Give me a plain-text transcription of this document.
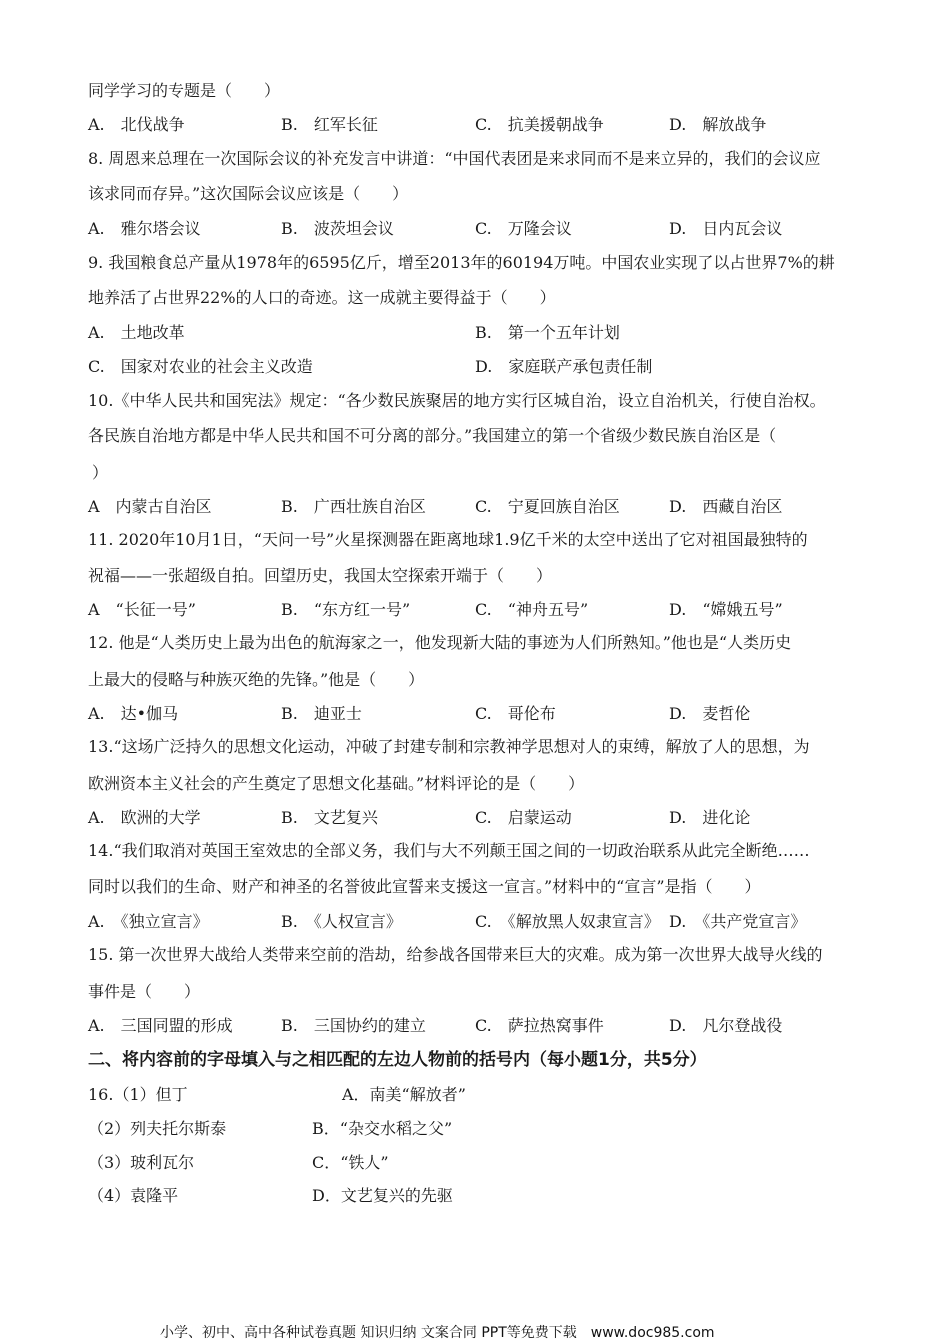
同学学习的专题是（　　）
A.　北伐战争	B.　红军长征	C.　抗美援朝战争	D.　解放战争
8. 周恩来总理在一次国际会议的补充发言中讲道：“中国代表团是来求同而不是来立异的，我们的会议应
该求同而存异。”这次国际会议应该是（　　）
A.　雅尔塔会议	B.　波茨坦会议	C.　万隆会议	D.　日内瓦会议
9. 我国粮食总产量从1978年的6595亿斤，增至2013年的60194万吨。中国农业实现了以占世界7%的耕
地养活了占世界22%的人口的奇迹。这一成就主要得益于（　　）
A.　土地改革	B.　第一个五年计划
C.　国家对农业的社会主义改造	D.　家庭联产承包责任制
10.《中华人民共和国宪法》规定：“各少数民族聚居的地方实行区城自治，设立自治机关，行使自治权。
各民族自治地方都是中华人民共和国不可分离的部分。”我国建立的第一个省级少数民族自治区是（
）
A　内蒙古自治区	B.　广西壮族自治区	C.　宁夏回族自治区	D.　西藏自治区
11. 2020年10月1日，“天问一号”火星探测器在距离地球1.9亿千米的太空中送出了它对祖国最独特的
祝福——一张超级自拍。回望历史，我国太空探索开端于（　　）
A　“长征一号”	B.　“东方红一号”	C.　“神舟五号”	D.　“嫦娥五号”
12. 他是“人类历史上最为出色的航海家之一，他发现新大陆的事迹为人们所熟知。”他也是“人类历史
上最大的侵略与种族灭绝的先锋。”他是（　　）
A.　达•伽马	B.　迪亚士	C.　哥伦布	D.　麦哲伦
13.“这场广泛持久的思想文化运动，冲破了封建专制和宗教神学思想对人的束缚，解放了人的思想，为
欧洲资本主义社会的产生奠定了思想文化基础。”材料评论的是（　　）
A.　欧洲的大学	B.　文艺复兴	C.　启蒙运动	D.　进化论
14.“我们取消对英国王室效忠的全部义务，我们与大不列颠王国之间的一切政治联系从此完全断绝……
同时以我们的生命、财产和神圣的名誉彼此宣誓来支援这一宣言。”材料中的“宣言”是指（　　）
A.　《独立宣言》	B.　《人权宣言》	C.　《解放黑人奴隶宣言》 D.　《共产党宣言》
15. 第一次世界大战给人类带来空前的浩劫，给参战各国带来巨大的灾难。成为第一次世界大战导火线的
事件是（　　）
A.　三国同盟的形成	B.　三国协约的建立	C.　萨拉热窝事件	D.　凡尔登战役
二、将内容前的字母填入与之相匹配的左边人物前的括号内（每小题1分，共5分）
16.（1）但丁	A．南美“解放者”
（2）列夫托尔斯泰	B．“杂交水稻之父”
（3）玻利瓦尔	C．“铁人”
（4）袁隆平	D．文艺复兴的先驱
小学、初中、高中各种试卷真题 知识归纳 文案合同 PPT等免费下载　www.doc985.com
